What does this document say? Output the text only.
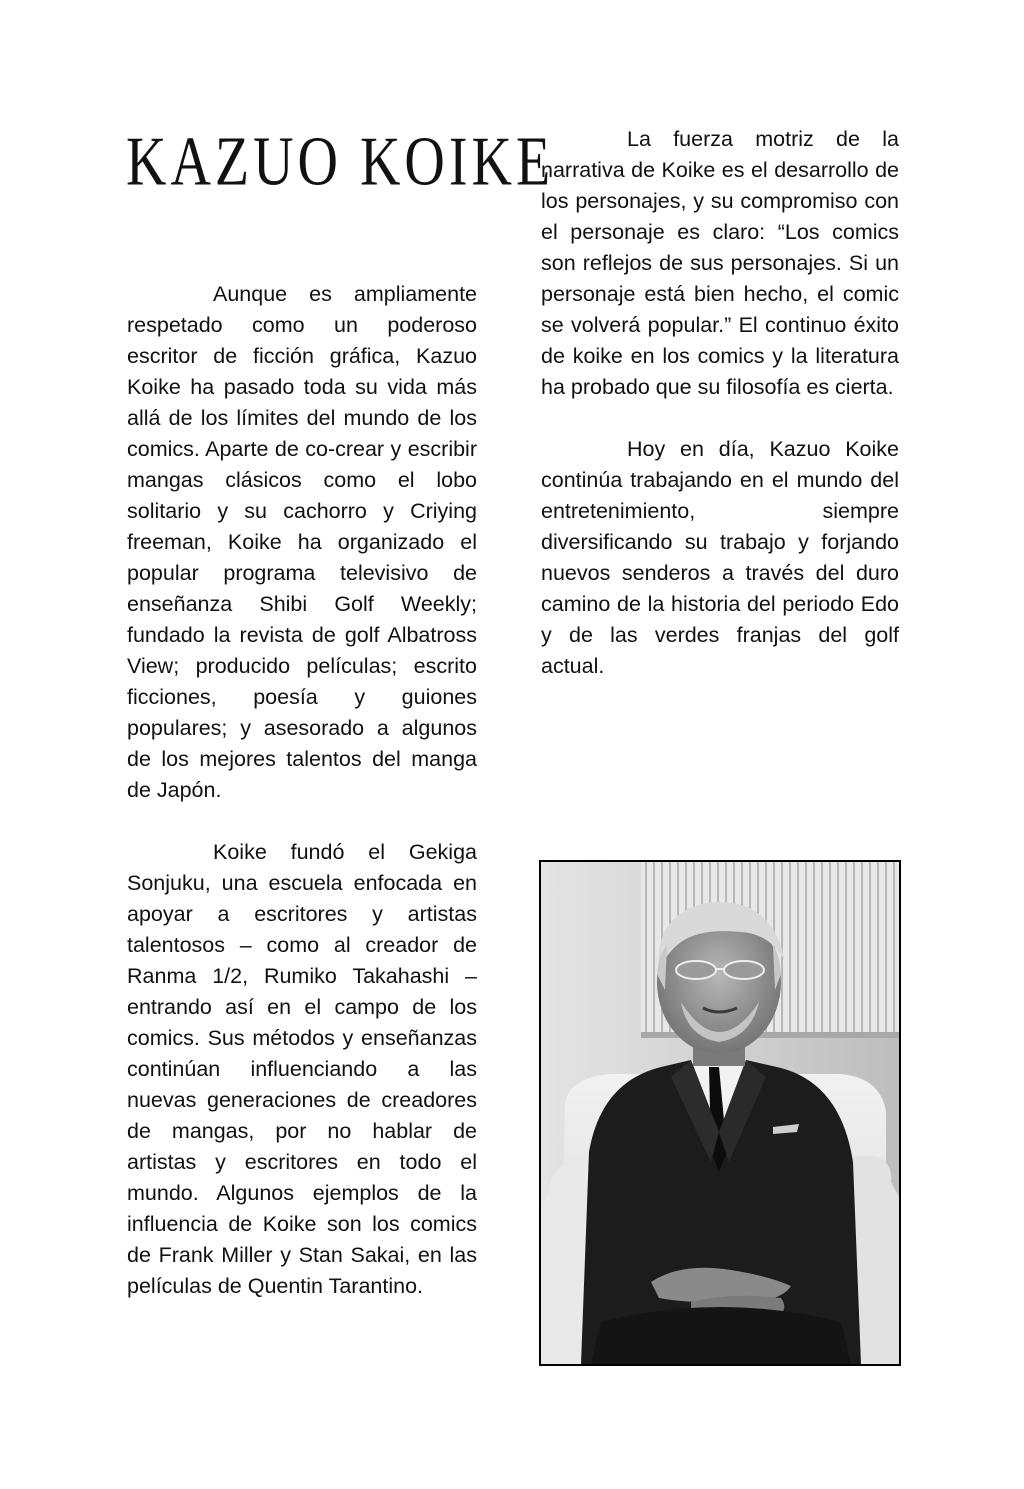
KAZUO KOIKE

Aunque es ampliamente respetado como un poderoso escritor de ficción gráfica, Kazuo Koike ha pasado toda su vida más allá de los límites del mundo de los comics. Aparte de co-crear y escribir mangas clásicos como el lobo solitario y su cachorro y Criying freeman, Koike ha organizado el popular programa televisivo de enseñanza Shibi Golf Weekly; fundado la revista de golf Albatross View; producido películas; escrito ficciones, poesía y guiones populares; y asesorado a algunos de los mejores talentos del manga de Japón.

Koike fundó el Gekiga Sonjuku, una escuela enfocada en apoyar a escritores y artistas talentosos – como al creador de Ranma 1/2, Rumiko Takahashi – entrando así en el campo de los comics. Sus métodos y enseñanzas continúan influenciando a las nuevas generaciones de creadores de mangas, por no hablar de artistas y escritores en todo el mundo. Algunos ejemplos de la influencia de Koike son los comics de Frank Miller y Stan Sakai, en las películas de Quentin Tarantino.

La fuerza motriz de la narrativa de Koike es el desarrollo de los personajes, y su compromiso con el personaje es claro: “Los comics son reflejos de sus personajes. Si un personaje está bien hecho, el comic se volverá popular.” El continuo éxito de koike en los comics y la literatura ha probado que su filosofía es cierta.

Hoy en día, Kazuo Koike continúa trabajando en el mundo del entretenimiento, siempre diversificando su trabajo y forjando nuevos senderos a través del duro camino de la historia del periodo Edo y de las verdes franjas del golf actual.
